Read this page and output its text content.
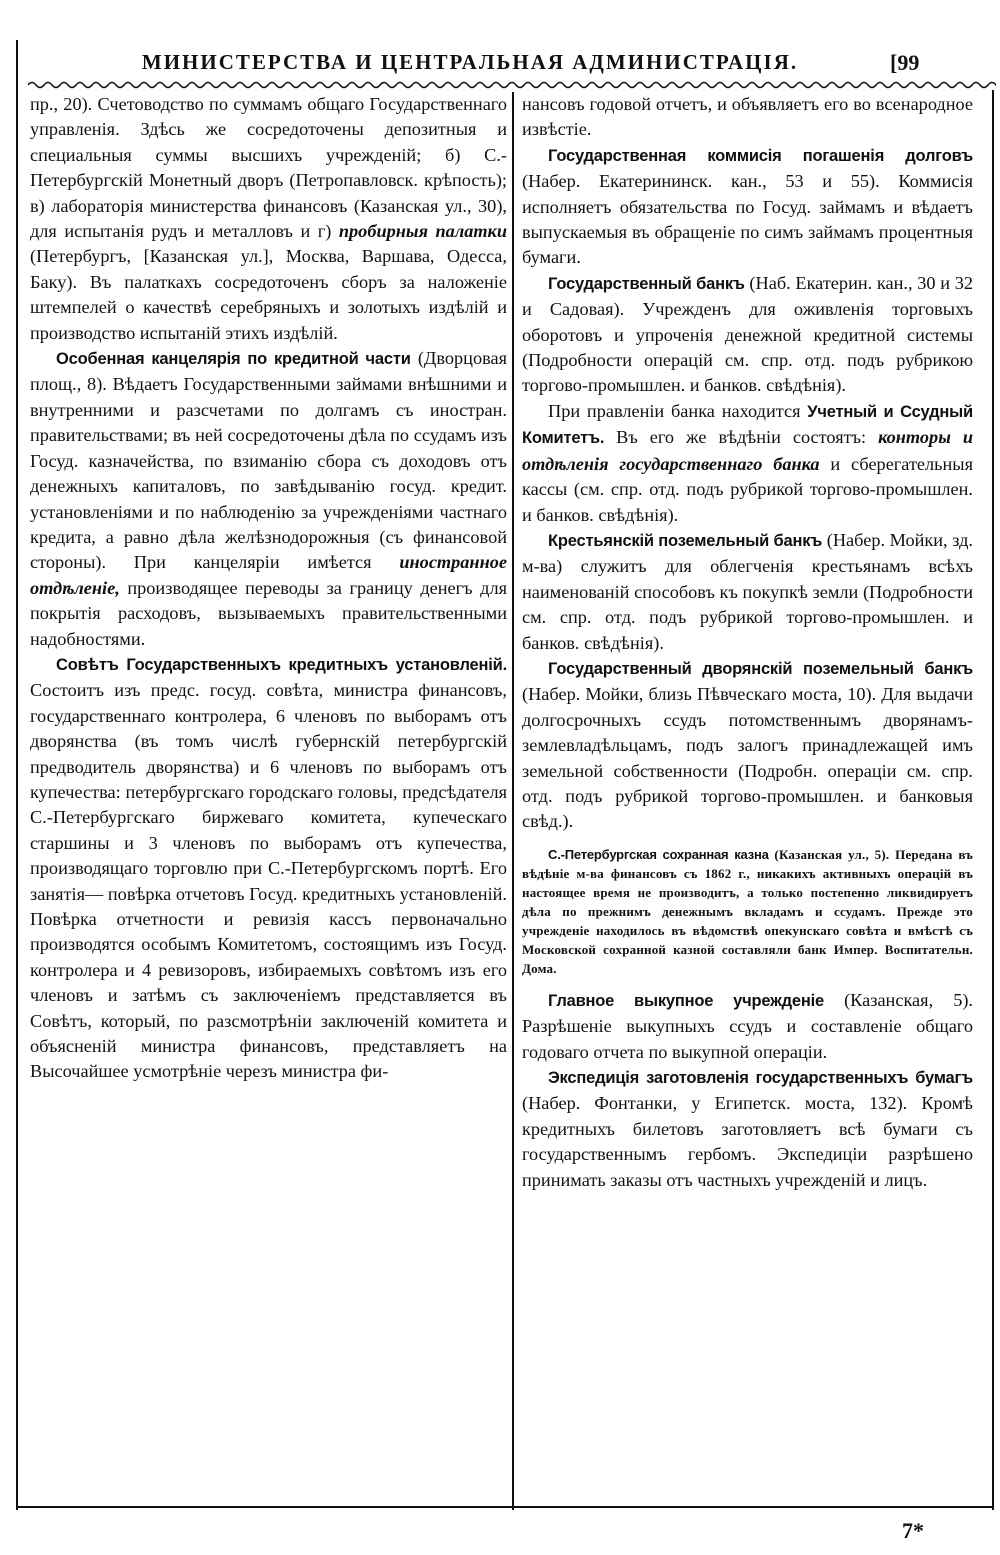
МИНИСТЕРСТВА И ЦЕНТРАЛЬНАЯ АДМИНИСТРАЦІЯ.	[99

пр., 20). Счетоводство по суммамъ общаго Государственнаго управленія. Здѣсь же сосредоточены депозитныя и специальныя суммы высшихъ учрежденій; б) С.-Петербургскій Монетный дворъ (Петропавловск. крѣпость); в) лабораторія министерства финансовъ (Казанская ул., 30), для испытанія рудъ и металловъ и г) пробирныя палатки (Петербургъ, [Казанская ул.], Москва, Варшава, Одесса, Баку). Въ палаткахъ сосредоточенъ сборъ за наложеніе штемпелей о качествѣ серебряныхъ и золотыхъ издѣлій и производство испытаній этихъ издѣлій.

Особенная канцелярія по кредитной части (Дворцовая площ., 8). Вѣдаетъ Государственными займами внѣшними и внутренними и разсчетами по долгамъ съ иностран. правительствами; въ ней сосредоточены дѣла по ссудамъ изъ Госуд. казначейства, по взиманію сбора съ доходовъ отъ денежныхъ капиталовъ, по завѣдыванію госуд. кредит. установленіями и по наблюденію за учрежденіями частнаго кредита, а равно дѣла желѣзнодорожныя (съ финансовой стороны). При канцеляріи имѣется иностранное отдѣленіе, производящее переводы за границу денегъ для покрытія расходовъ, вызываемыхъ правительственными надобностями.

Совѣтъ Государственныхъ кредитныхъ установленій. Состоитъ изъ предс. госуд. совѣта, министра финансовъ, государственнаго контролера, 6 членовъ по выборамъ отъ дворянства (въ томъ числѣ губернскій петербургскій предводитель дворянства) и 6 членовъ по выборамъ отъ купечества: петербургскаго городскаго головы, предсѣдателя С.-Петербургскаго биржеваго комитета, купеческаго старшины и 3 членовъ по выборамъ отъ купечества, производящаго торговлю при С.-Петербургскомъ портѣ. Его занятія— повѣрка отчетовъ Госуд. кредитныхъ установленій. Повѣрка отчетности и ревизія кассъ первоначально производятся особымъ Комитетомъ, состоящимъ изъ Госуд. контролера и 4 ревизоровъ, избираемыхъ совѣтомъ изъ его членовъ и затѣмъ съ заключеніемъ представляется въ Совѣтъ, который, по разсмотрѣніи заключеній комитета и объясненій министра финансовъ, представляетъ на Высочайшее усмотрѣніе черезъ министра фи-

нансовъ годовой отчетъ, и объявляетъ его во всенародное извѣстіе.

Государственная коммисія погашенія долговъ (Набер. Екатерининск. кан., 53 и 55). Коммисія исполняетъ обязательства по Госуд. займамъ и вѣдаетъ выпускаемыя въ обращеніе по симъ займамъ процентныя бумаги.

Государственный банкъ (Наб. Екатерин. кан., 30 и 32 и Садовая). Учрежденъ для оживленія торговыхъ оборотовъ и упроченія денежной кредитной системы (Подробности операцій см. спр. отд. подъ рубрикою торгово-промышлен. и банков. свѣдѣнія).

При правленіи банка находится Учетный и Ссудный Комитетъ. Въ его же вѣдѣніи состоятъ: конторы и отдѣленія государственнаго банка и сберегательныя кассы (см. спр. отд. подъ рубрикой торгово-промышлен. и банков. свѣдѣнія).

Крестьянскій поземельный банкъ (Набер. Мойки, зд. м-ва) служитъ для облегченія крестьянамъ всѣхъ наименованій способовъ къ покупкѣ земли (Подробности см. спр. отд. подъ рубрикой торгово-промышлен. и банков. свѣдѣнія).

Государственный дворянскій поземельный банкъ (Набер. Мойки, близь Пѣвческаго моста, 10). Для выдачи долгосрочныхъ ссудъ потомственнымъ дворянамъ-землевладѣльцамъ, подъ залогъ принадлежащей имъ земельной собственности (Подробн. операціи см. спр. отд. подъ рубрикой торгово-промышлен. и банковыя свѣд.).

С.-Петербургская сохранная казна (Казанская ул., 5). Передана въ вѣдѣніе м-ва финансовъ съ 1862 г., никакихъ активныхъ операцій въ настоящее время не производитъ, а только постепенно ликвидируетъ дѣла по прежнимъ денежнымъ вкладамъ и ссудамъ. Прежде это учрежденіе находилось въ вѣдомствѣ опекунскаго совѣта и вмѣстѣ съ Московской сохранной казной составляли банк Импер. Воспитательн. Дома.

Главное выкупное учрежденіе (Казанская, 5). Разрѣшеніе выкупныхъ ссудъ и составленіе общаго годоваго отчета по выкупной операціи.

Экспедиція заготовленія государственныхъ бумагъ (Набер. Фонтанки, у Египетск. моста, 132). Кромѣ кредитныхъ билетовъ заготовляетъ всѣ бумаги съ государственнымъ гербомъ. Экспедиціи разрѣшено принимать заказы отъ частныхъ учрежденій и лицъ.

7*
